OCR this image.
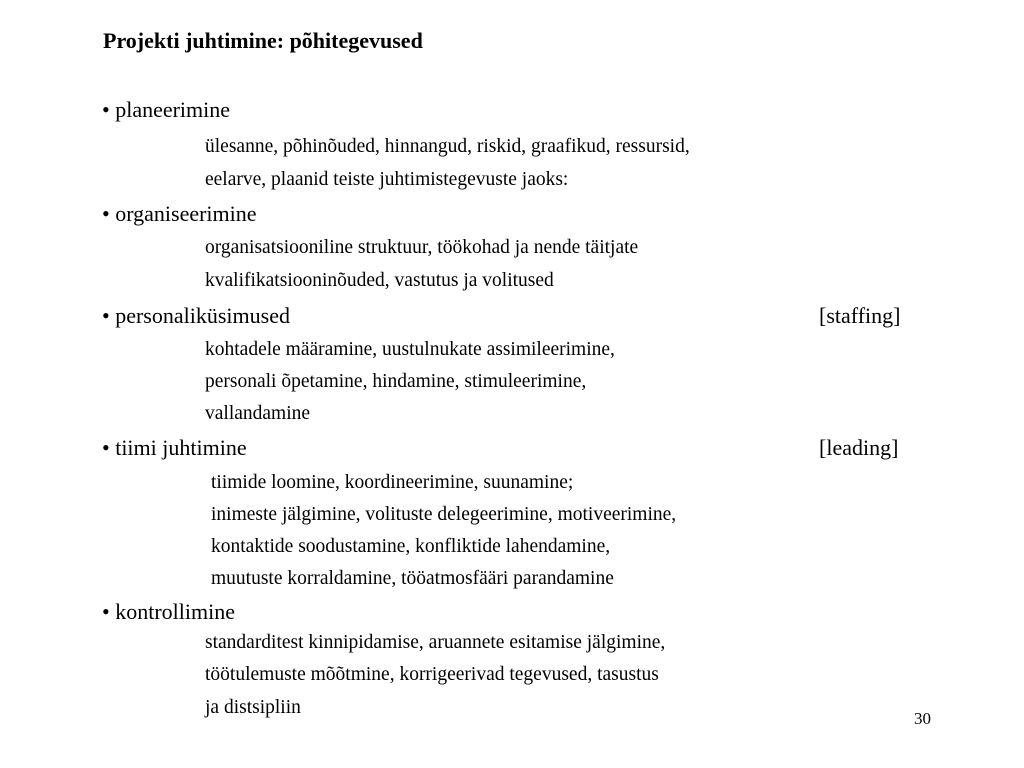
Projekti juhtimine: põhitegevused
• planeerimine
ülesanne, põhinõuded, hinnangud, riskid, graafikud, ressursid,
eelarve, plaanid teiste juhtimistegevuste jaoks:
• organiseerimine
organisatsiooniline struktuur, töökohad ja nende täitjate
kvalifikatsiooninõuded, vastutus ja volitused
• personaliküsimused	[staffing]
kohtadele määramine, uustulnukate assimileerimine,
personali õpetamine, hindamine, stimuleerimine,
vallandamine
• tiimi juhtimine	[leading]
tiimide loomine, koordineerimine, suunamine;
inimeste jälgimine, volituste delegeerimine, motiveerimine,
kontaktide soodustamine, konfliktide lahendamine,
muutuste korraldamine, tööatmosfääri parandamine
• kontrollimine
standarditest kinnipidamise, aruannete esitamise jälgimine,
töötulemuste mõõtmine, korrigeerivad tegevused, tasustus
ja distsipliin
30
